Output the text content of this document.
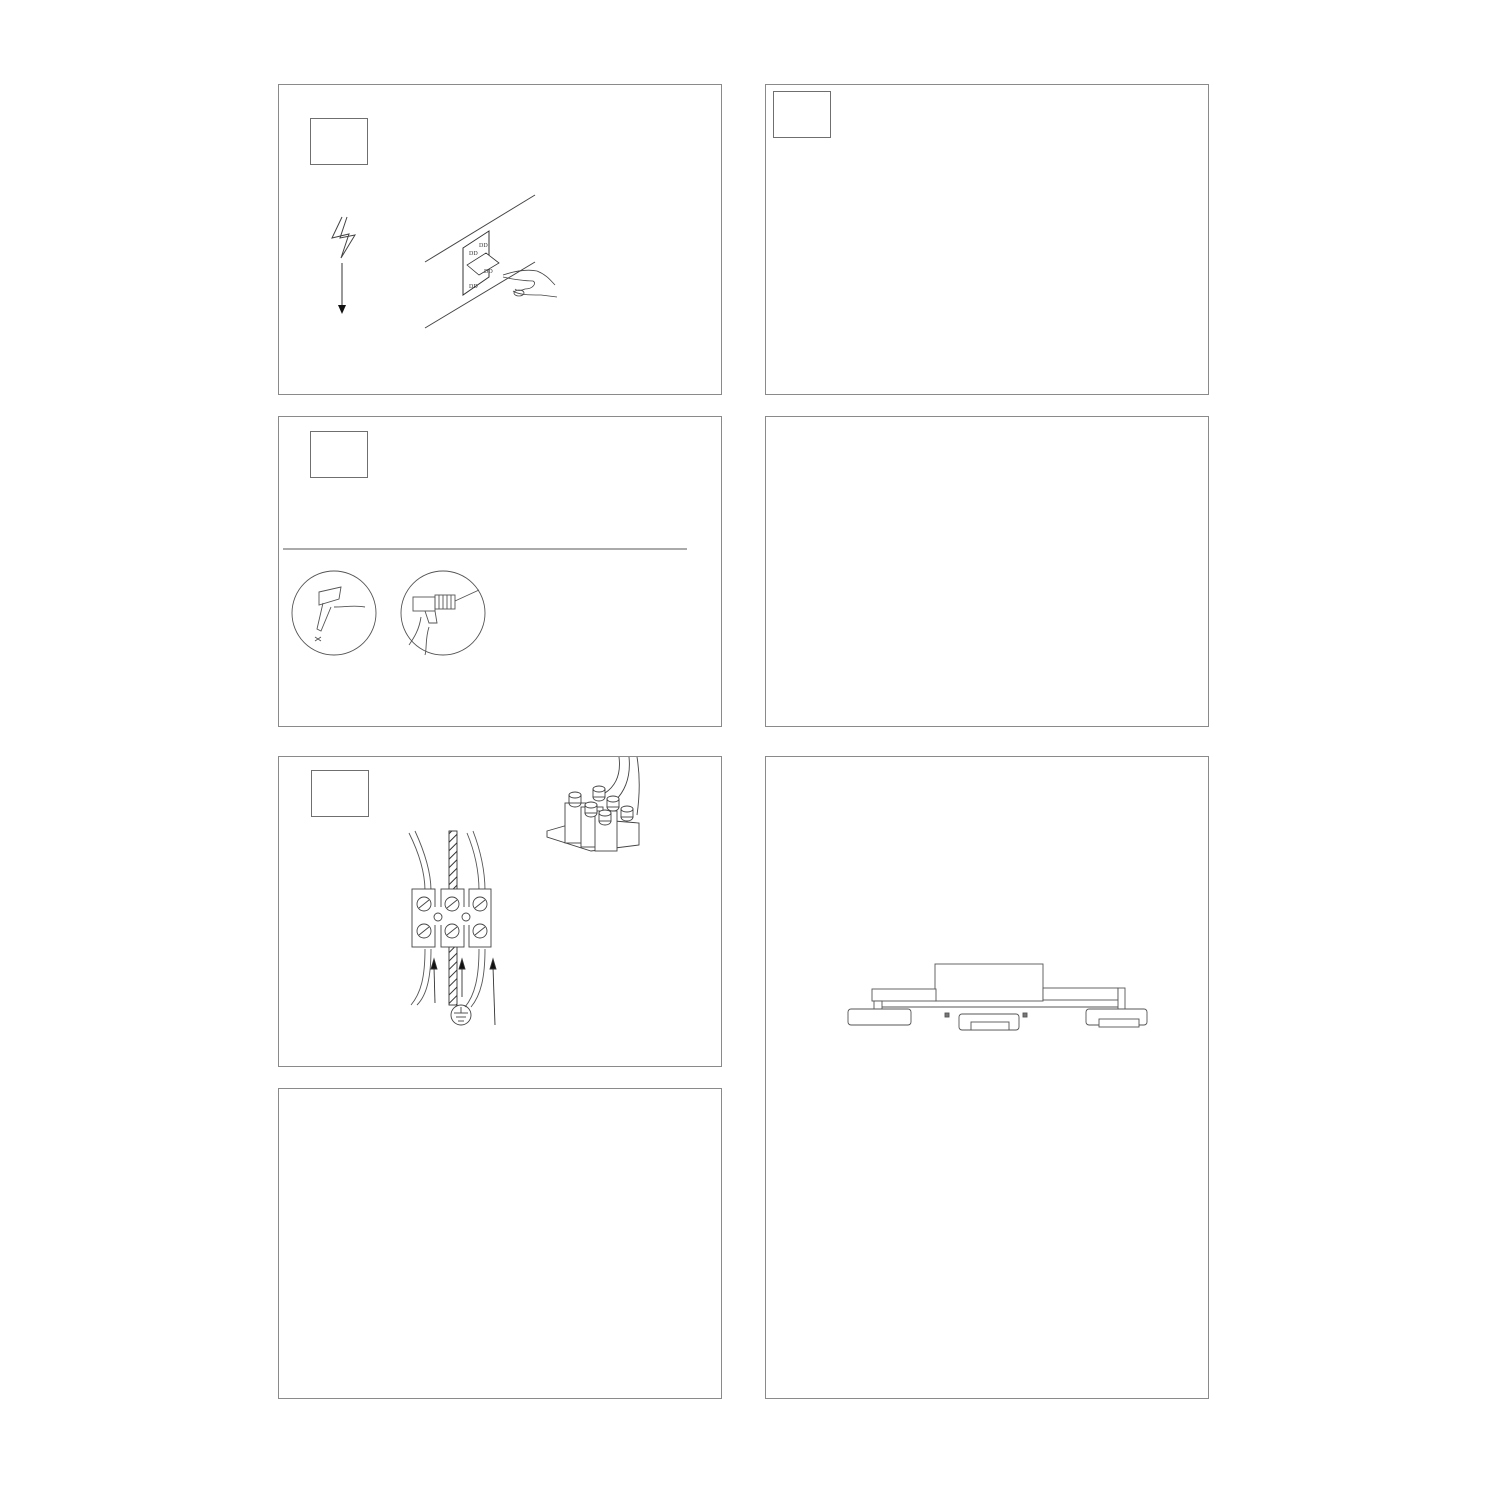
DD
DD
DD
DD
